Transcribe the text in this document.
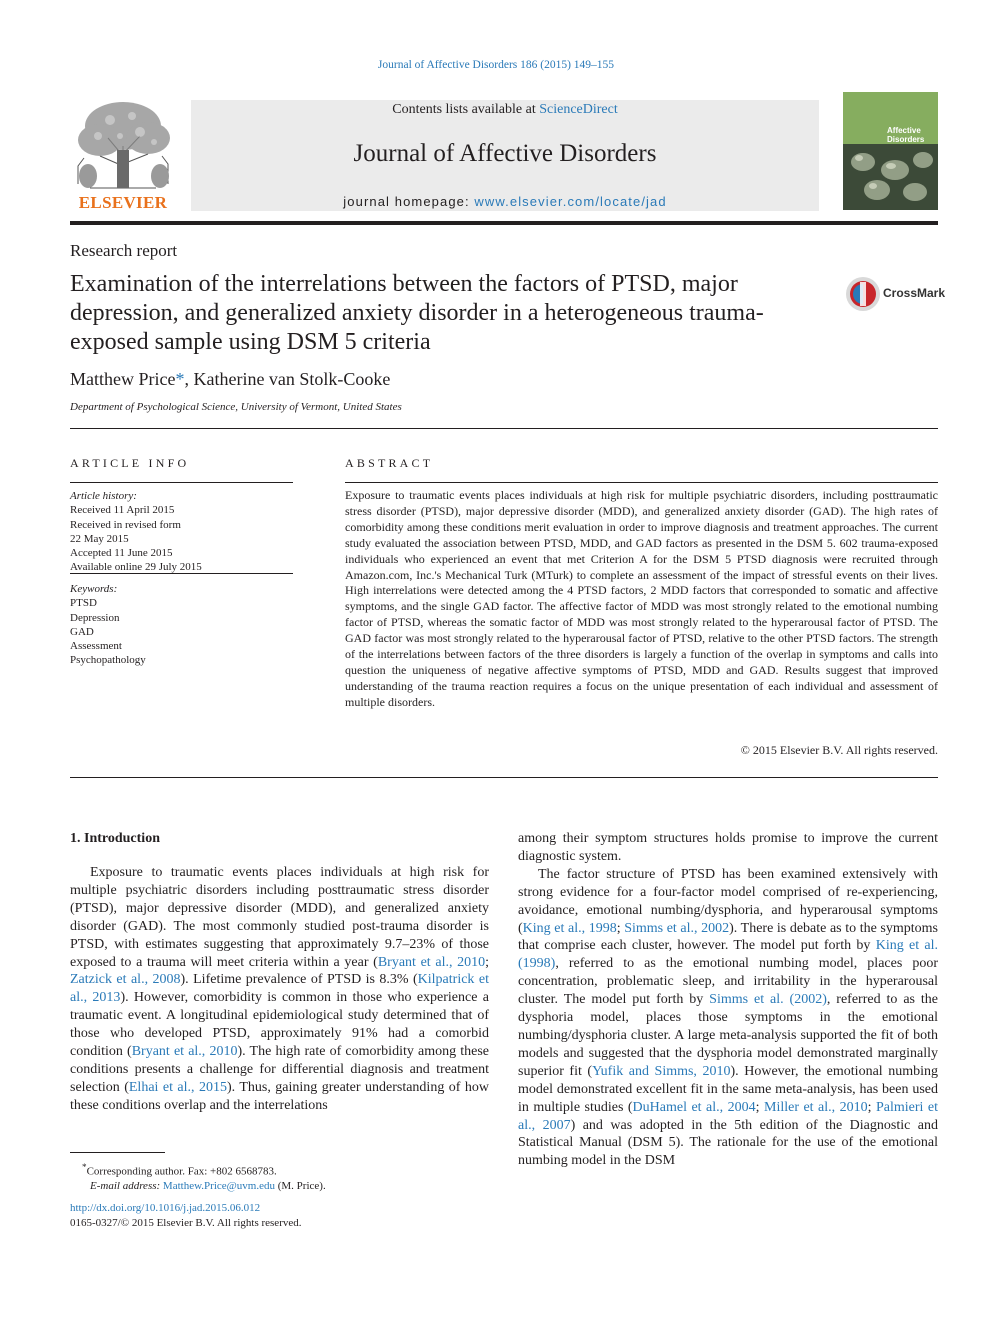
Journal of Affective Disorders 186 (2015) 149–155
ELSEVIER
Contents lists available at ScienceDirect
Journal of Affective Disorders
journal homepage: www.elsevier.com/locate/jad
Affective
Disorders
Research report
Examination of the interrelations between the factors of PTSD, major depression, and generalized anxiety disorder in a heterogeneous trauma-exposed sample using DSM 5 criteria
CrossMark
Matthew Price*, Katherine van Stolk-Cooke
Department of Psychological Science, University of Vermont, United States
ARTICLE INFO	ABSTRACT
Article history:
Received 11 April 2015
Received in revised form
22 May 2015
Accepted 11 June 2015
Available online 29 July 2015
Keywords:
PTSD
Depression
GAD
Assessment
Psychopathology
Exposure to traumatic events places individuals at high risk for multiple psychiatric disorders, including posttraumatic stress disorder (PTSD), major depressive disorder (MDD), and generalized anxiety disorder (GAD). The high rates of comorbidity among these conditions merit evaluation in order to improve diagnosis and treatment approaches. The current study evaluated the association between PTSD, MDD, and GAD factors as presented in the DSM 5. 602 trauma-exposed individuals who experienced an event that met Criterion A for the DSM 5 PTSD diagnosis were recruited through Amazon.com, Inc.'s Mechanical Turk (MTurk) to complete an assessment of the impact of stressful events on their lives. High interrelations were detected among the 4 PTSD factors, 2 MDD factors that corresponded to somatic and affective symptoms, and the single GAD factor. The affective factor of MDD was most strongly related to the emotional numbing factor of PTSD, whereas the somatic factor of MDD was most strongly related to the hyperarousal factor of PTSD. The GAD factor was most strongly related to the hyperarousal factor of PTSD, relative to the other PTSD factors. The strength of the interrelations between factors of the three disorders is largely a function of the overlap in symptoms and calls into question the uniqueness of negative affective symptoms of PTSD, MDD and GAD. Results suggest that improved understanding of the trauma reaction requires a focus on the unique presentation of each individual and assessment of multiple disorders.
© 2015 Elsevier B.V. All rights reserved.
1. Introduction

Exposure to traumatic events places individuals at high risk for multiple psychiatric disorders including posttraumatic stress disorder (PTSD), major depressive disorder (MDD), and generalized anxiety disorder (GAD). The most commonly studied post-trauma disorder is PTSD, with estimates suggesting that approximately 9.7–23% of those exposed to a trauma will meet criteria within a year (Bryant et al., 2010; Zatzick et al., 2008). Lifetime prevalence of PTSD is 8.3% (Kilpatrick et al., 2013). However, comorbidity is common in those who experience a traumatic event. A longitudinal epidemiological study determined that of those who developed PTSD, approximately 91% had a comorbid condition (Bryant et al., 2010). The high rate of comorbidity among these conditions presents a challenge for differential diagnosis and treatment selection (Elhai et al., 2015). Thus, gaining greater understanding of how these conditions overlap and the interrelations

among their symptom structures holds promise to improve the current diagnostic system.

The factor structure of PTSD has been examined extensively with strong evidence for a four-factor model comprised of re-experiencing, avoidance, emotional numbing/dysphoria, and hyperarousal symptoms (King et al., 1998; Simms et al., 2002). There is debate as to the symptoms that comprise each cluster, however. The model put forth by King et al. (1998), referred to as the emotional numbing model, places poor concentration, problematic sleep, and irritability in the hyperarousal cluster. The model put forth by Simms et al. (2002), referred to as the dysphoria model, places those symptoms in the emotional numbing/dysphoria cluster. A large meta-analysis supported the fit of both models and suggested that the dysphoria model demonstrated marginally superior fit (Yufik and Simms, 2010). However, the emotional numbing model demonstrated excellent fit in the same meta-analysis, has been used in multiple studies (DuHamel et al., 2004; Miller et al., 2010; Palmieri et al., 2007) and was adopted in the 5th edition of the Diagnostic and Statistical Manual (DSM 5). The rationale for the use of the emotional numbing model in the DSM

*Corresponding author. Fax: +802 6568783.
E-mail address: Matthew.Price@uvm.edu (M. Price).
http://dx.doi.org/10.1016/j.jad.2015.06.012
0165-0327/© 2015 Elsevier B.V. All rights reserved.
